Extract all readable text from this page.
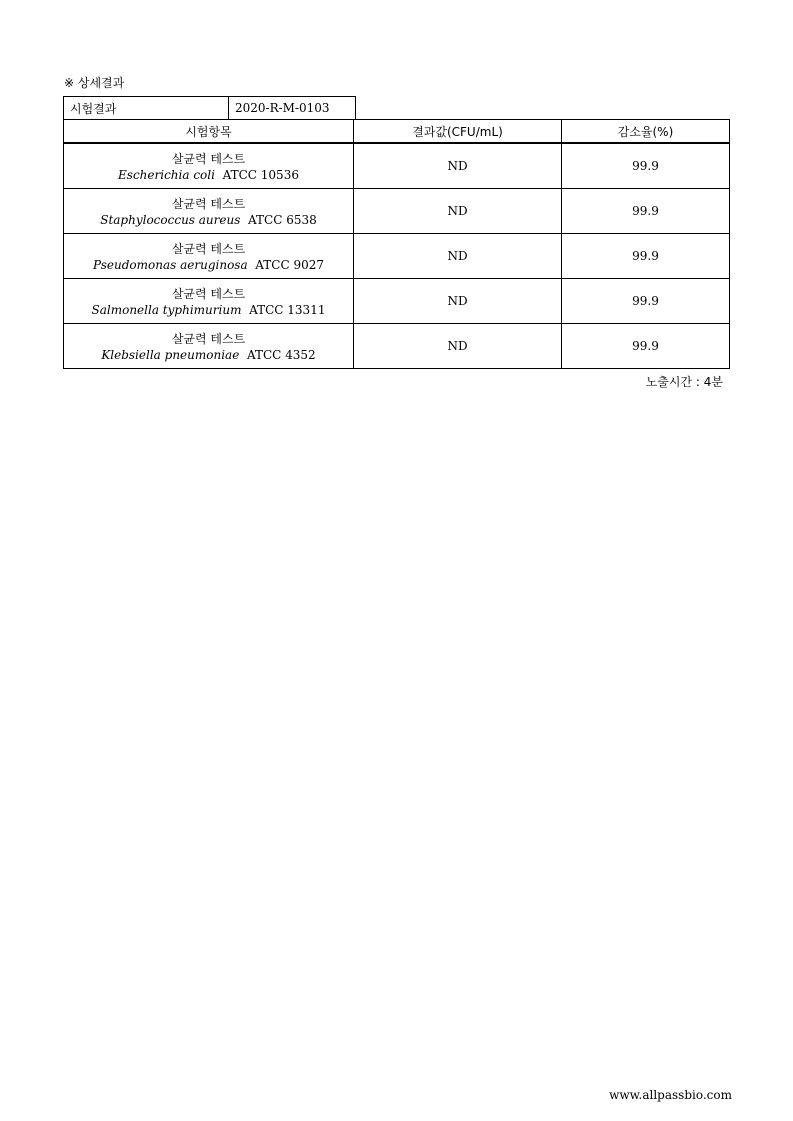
※ 상세결과
시험결과	2020-R-M-0103
시험항목	결과값(CFU/mL)	감소율(%)

살균력 테스트
Escherichia coli ATCC 10536	ND	99.9

살균력 테스트
Staphylococcus aureus ATCC 6538	ND	99.9

살균력 테스트
Pseudomonas aeruginosa ATCC 9027	ND	99.9

살균력 테스트
Salmonella typhimurium ATCC 13311	ND	99.9

살균력 테스트
Klebsiella pneumoniae ATCC 4352	ND	99.9
노출시간 : 4분
www.allpassbio.com
